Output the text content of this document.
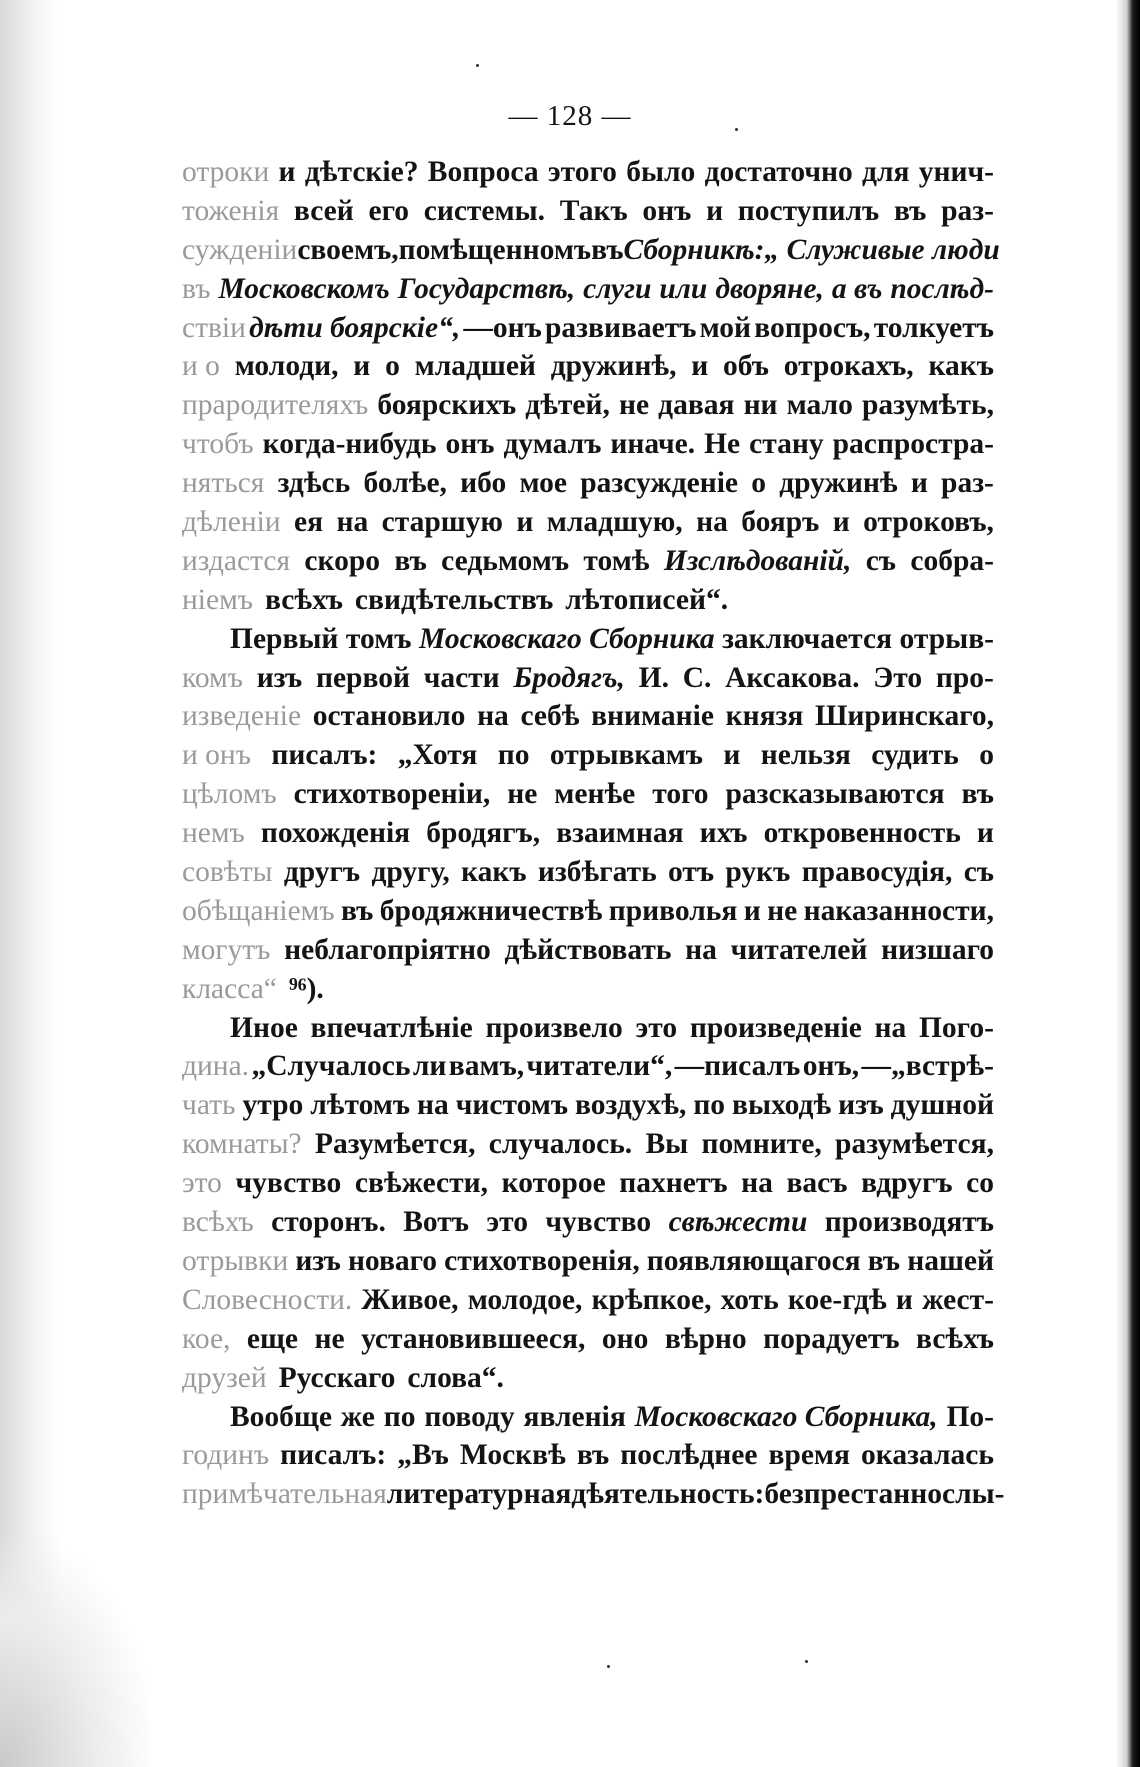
— 128 —
отроки и дѣтскіе? Вопроса этого было достаточно для унич-
тоженія всей его системы. Такъ онъ и поступилъ въ раз-
сужденіи своемъ, помѣщенномъ въ Сборникѣ: „ Служивые люди
въ Московскомъ Государствѣ, слуги или дворяне, а въ послѣд-
ствіи дѣти боярскіе“, —онъ развиваетъ мой вопросъ, толкуетъ
и о молоди, и о младшей дружинѣ, и объ отрокахъ, какъ
прародителяхъ боярскихъ дѣтей, не давая ни мало разумѣть,
чтобъ когда-нибудь онъ думалъ иначе. Не стану распростра-
няться здѣсь болѣе, ибо мое разсужденіе о дружинѣ и раз-
дѣленіи ея на старшую и младшую, на бояръ и отроковъ,
издастся скоро въ седьмомъ томѣ Изслѣдованій, съ собра-
ніемъ всѣхъ свидѣтельствъ лѣтописей“.
Первый томъ Московскаго Сборника заключается отрыв-
комъ изъ первой части Бродягъ, И. С. Аксакова. Это про-
изведеніе остановило на себѣ вниманіе князя Ширинскаго,
и онъ писалъ: „Хотя по отрывкамъ и нельзя судить о
цѣломъ стихотвореніи, не менѣе того разсказываются въ
немъ похожденія бродягъ, взаимная ихъ откровенность и
совѣты другъ другу, какъ избѣгать отъ рукъ правосудія, съ
обѣщаніемъ въ бродяжничествѣ приволья и не наказанности,
могутъ неблагопріятно дѣйствовать на читателей низшаго
класса“ ⁹⁶).
Иное впечатлѣніе произвело это произведеніе на Пого-
дина. „Случалось ли вамъ, читатели“, —писалъ онъ, —„встрѣ-
чать утро лѣтомъ на чистомъ воздухѣ, по выходѣ изъ душной
комнаты? Разумѣется, случалось. Вы помните, разумѣется,
это чувство свѣжести, которое пахнетъ на васъ вдругъ со
всѣхъ сторонъ. Вотъ это чувство свѣжести производятъ
отрывки изъ новаго стихотворенія, появляющагося въ нашей
Словесности. Живое, молодое, крѣпкое, хоть кое-гдѣ и жест-
кое, еще не установившееся, оно вѣрно порадуетъ всѣхъ
друзей Русскаго слова“.
Вообще же по поводу явленія Московскаго Сборника, По-
годинъ писалъ: „Въ Москвѣ въ послѣднее время оказалась
примѣчательная литературная дѣятельность: безпрестанно слы-
